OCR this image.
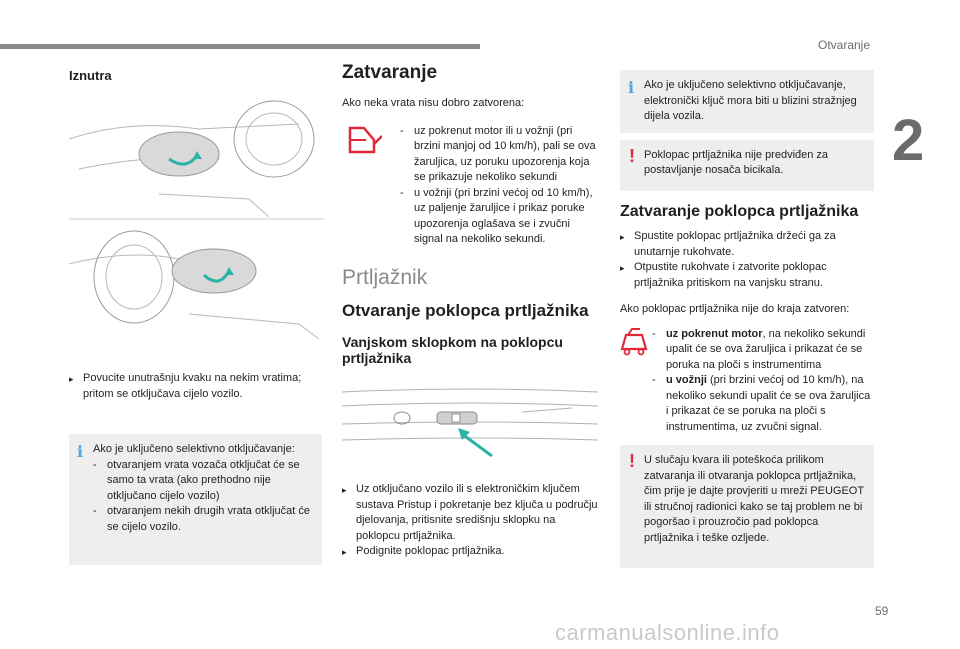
Otvaranje
2
Iznutra
▸ Povucite unutrašnju kvaku na nekim vratima; pritom se otključava cijelo vozilo.
i Ako je uključeno selektivno otključavanje:
- otvaranjem vrata vozača otključat će se samo ta vrata (ako prethodno nije otključano cijelo vozilo)
- otvaranjem nekih drugih vrata otključat će se cijelo vozilo.
Zatvaranje
Ako neka vrata nisu dobro zatvorena:
- uz pokrenut motor ili u vožnji (pri brzini manjoj od 10 km/h), pali se ova žaruljica, uz poruku upozorenja koja se prikazuje nekoliko sekundi
- u vožnji (pri brzini većoj od 10 km/h), uz paljenje žaruljice i prikaz poruke upozorenja oglašava se i zvučni signal na nekoliko sekundi.
Prtljažnik
Otvaranje poklopca prtljažnika
Vanjskom sklopkom na poklopcu prtljažnika
▸ Uz otključano vozilo ili s elektroničkim ključem sustava Pristup i pokretanje bez ključa u području djelovanja, pritisnite središnju sklopku na poklopcu prtljažnika.
▸ Podignite poklopac prtljažnika.
i Ako je uključeno selektivno otključavanje, elektronički ključ mora biti u blizini stražnjeg dijela vozila.
! Poklopac prtljažnika nije predviđen za postavljanje nosača bicikala.
Zatvaranje poklopca prtljažnika
▸ Spustite poklopac prtljažnika držeći ga za unutarnje rukohvate.
▸ Otpustite rukohvate i zatvorite poklopac prtljažnika pritiskom na vanjsku stranu.
Ako poklopac prtljažnika nije do kraja zatvoren:
- uz pokrenut motor, na nekoliko sekundi upalit će se ova žaruljica i prikazat će se poruka na ploči s instrumentima
- u vožnji (pri brzini većoj od 10 km/h), na nekoliko sekundi upalit će se ova žaruljica i prikazat će se poruka na ploči s instrumentima, uz zvučni signal.
! U slučaju kvara ili poteškoća prilikom zatvaranja ili otvaranja poklopca prtljažnika, čim prije je dajte provjeriti u mreži PEUGEOT ili stručnoj radionici kako se taj problem ne bi pogoršao i prouzročio pad poklopca prtljažnika i teške ozljede.
59
carmanualsonline.info
